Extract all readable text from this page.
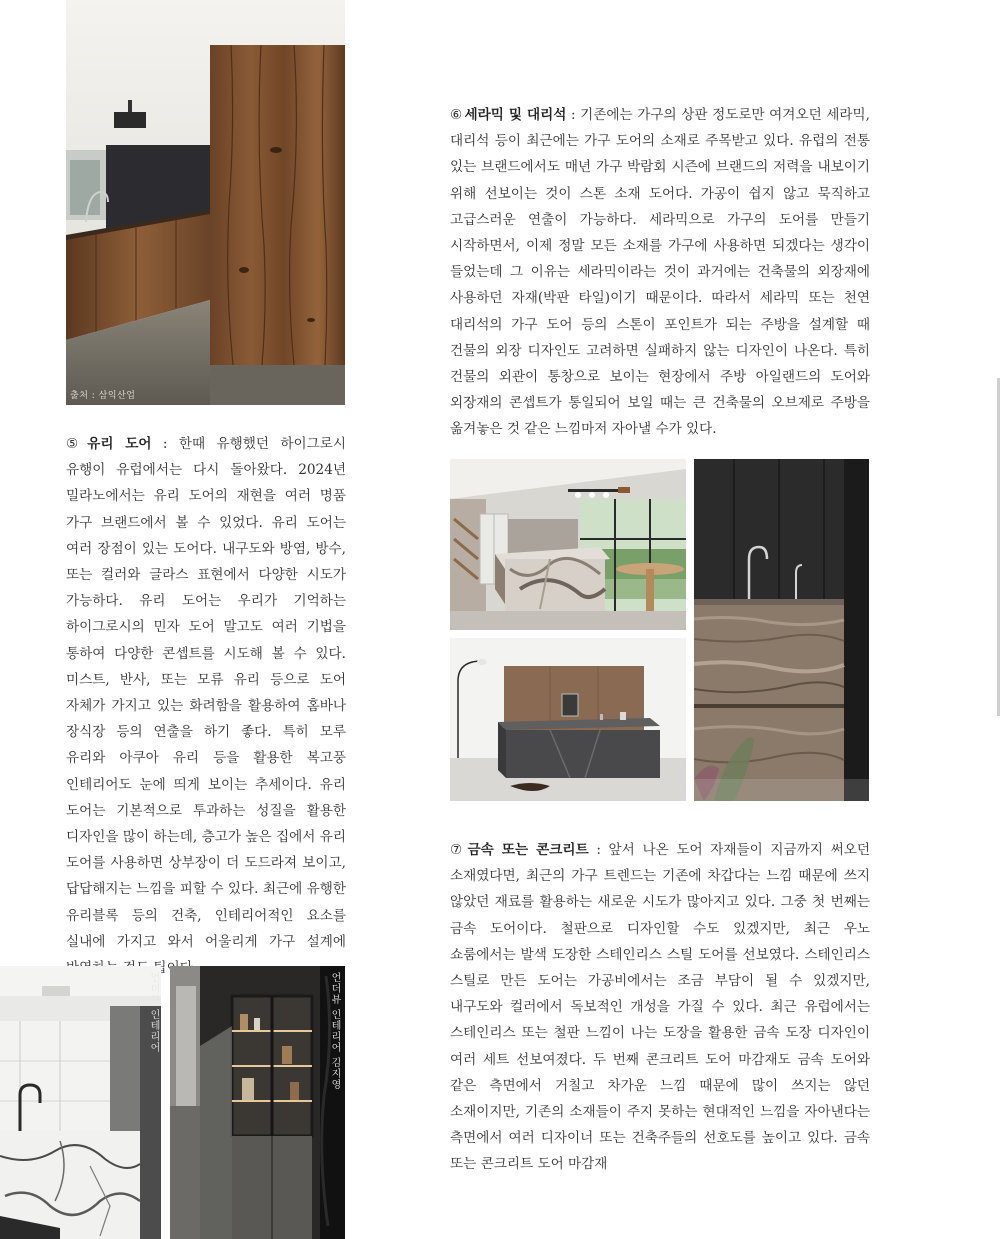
출처 : 삼익산업
⑤ 유리 도어 : 한때 유행했던 하이그로시 유행이 유럽에서는 다시 돌아왔다. 2024년 밀라노에서는 유리 도어의 재현을 여러 명품 가구 브랜드에서 볼 수 있었다. 유리 도어는 여러 장점이 있는 도어다. 내구도와 방염, 방수, 또는 컬러와 글라스 표현에서 다양한 시도가 가능하다. 유리 도어는 우리가 기억하는 하이그로시의 민자 도어 말고도 여러 기법을 통하여 다양한 콘셉트를 시도해 볼 수 있다. 미스트, 반사, 또는 모류 유리 등으로 도어 자체가 가지고 있는 화려함을 활용하여 홈바나 장식장 등의 연출을 하기 좋다. 특히 모루 유리와 아쿠아 유리 등을 활용한 복고풍 인테리어도 눈에 띄게 보이는 추세이다. 유리 도어는 기본적으로 투과하는 성질을 활용한 디자인을 많이 하는데, 층고가 높은 집에서 유리 도어를 사용하면 상부장이 더 도드라져 보이고, 답답해지는 느낌을 피할 수 있다. 최근에 유행한 유리블록 등의 건축, 인테리어적인 요소를 실내에 가지고 와서 어울리게 가구 설계에
언더뷰 인테리어	언더뷰 인테리어 김지영
⑥ 세라믹 및 대리석 : 기존에는 가구의 상판 정도로만 여겨오던 세라믹, 대리석 등이 최근에는 가구 도어의 소재로 주목받고 있다. 유럽의 전통 있는 브랜드에서도 매년 가구 박람회 시즌에 브랜드의 저력을 내보이기 위해 선보이는 것이 스톤 소재 도어다. 가공이 쉽지 않고 묵직하고 고급스러운 연출이 가능하다. 세라믹으로 가구의 도어를 만들기 시작하면서, 이제 정말 모든 소재를 가구에 사용하면 되겠다는 생각이 들었는데 그 이유는 세라믹이라는 것이 과거에는 건축물의 외장재에 사용하던 자재(박판 타일)이기 때문이다. 따라서 세라믹 또는 천연 대리석의 가구 도어 등의 스톤이 포인트가 되는 주방을 설계할 때 건물의 외장 디자인도 고려하면 실패하지 않는 디자인이 나온다. 특히 건물의 외관이 통창으로 보이는 현장에서 주방 아일랜드의 도어와 외장재의 콘셉트가 통일되어 보일 때는 큰 건축물의 오브제로 주방을 옮겨놓은 것 같은 느낌마저 자아낼 수가 있다.
⑦ 금속 또는 콘크리트 : 앞서 나온 도어 자재들이 지금까지 써오던 소재였다면, 최근의 가구 트렌드는 기존에 차갑다는 느낌 때문에 쓰지 않았던 재료를 활용하는 새로운 시도가 많아지고 있다. 그중 첫 번째는 금속 도어이다. 철판으로 디자인할 수도 있겠지만, 최근 우노 쇼룸에서는 발색 도장한 스테인리스 스틸 도어를 선보였다. 스테인리스 스틸로 만든 도어는 가공비에서는 조금 부담이 될 수 있겠지만, 내구도와 컬러에서 독보적인 개성을 가질 수 있다. 최근 유럽에서는 스테인리스 또는 철판 느낌이 나는 도장을 활용한 금속 도장 디자인이 여러 세트 선보여졌다. 두 번째 콘크리트 도어 마감재도 금속 도어와 같은 측면에서 거칠고 차가운 느낌 때문에 많이 쓰지는 않던 소재이지만, 기존의 소재들이 주지 못하는 현대적인 느낌을 자아낸다는 측면에서 여러 디자이너 또는 건축주들의 선호도를 높이고 있다. 금속 또는 콘크리트 도어 마감재
